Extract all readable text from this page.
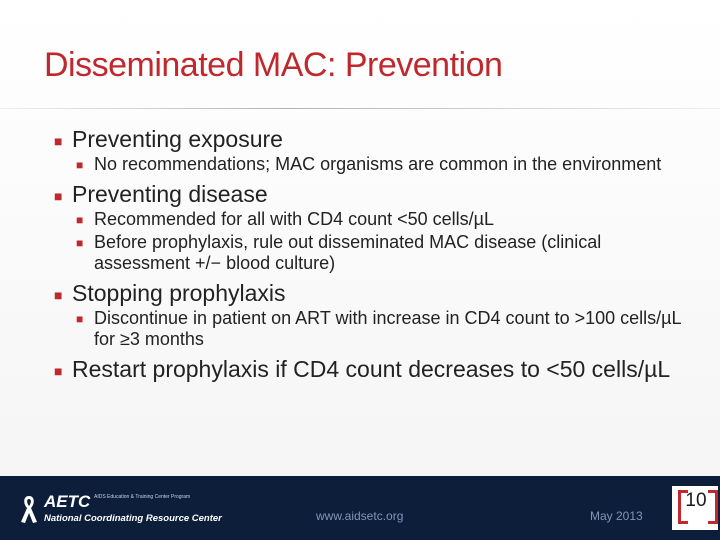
Disseminated MAC: Prevention
■ Preventing exposure
■ No recommendations; MAC organisms are common in the environment
■ Preventing disease
■ Recommended for all with CD4 count <50 cells/µL
■ Before prophylaxis, rule out disseminated MAC disease (clinical assessment +/− blood culture)
■ Stopping prophylaxis
■ Discontinue in patient on ART with increase in CD4 count to >100 cells/µL for ≥3 months
■ Restart prophylaxis if CD4 count decreases to <50 cells/µL
AETC AIDS Education & Training Center Program
National Coordinating Resource Center	www.aidsetc.org	May 2013
10
